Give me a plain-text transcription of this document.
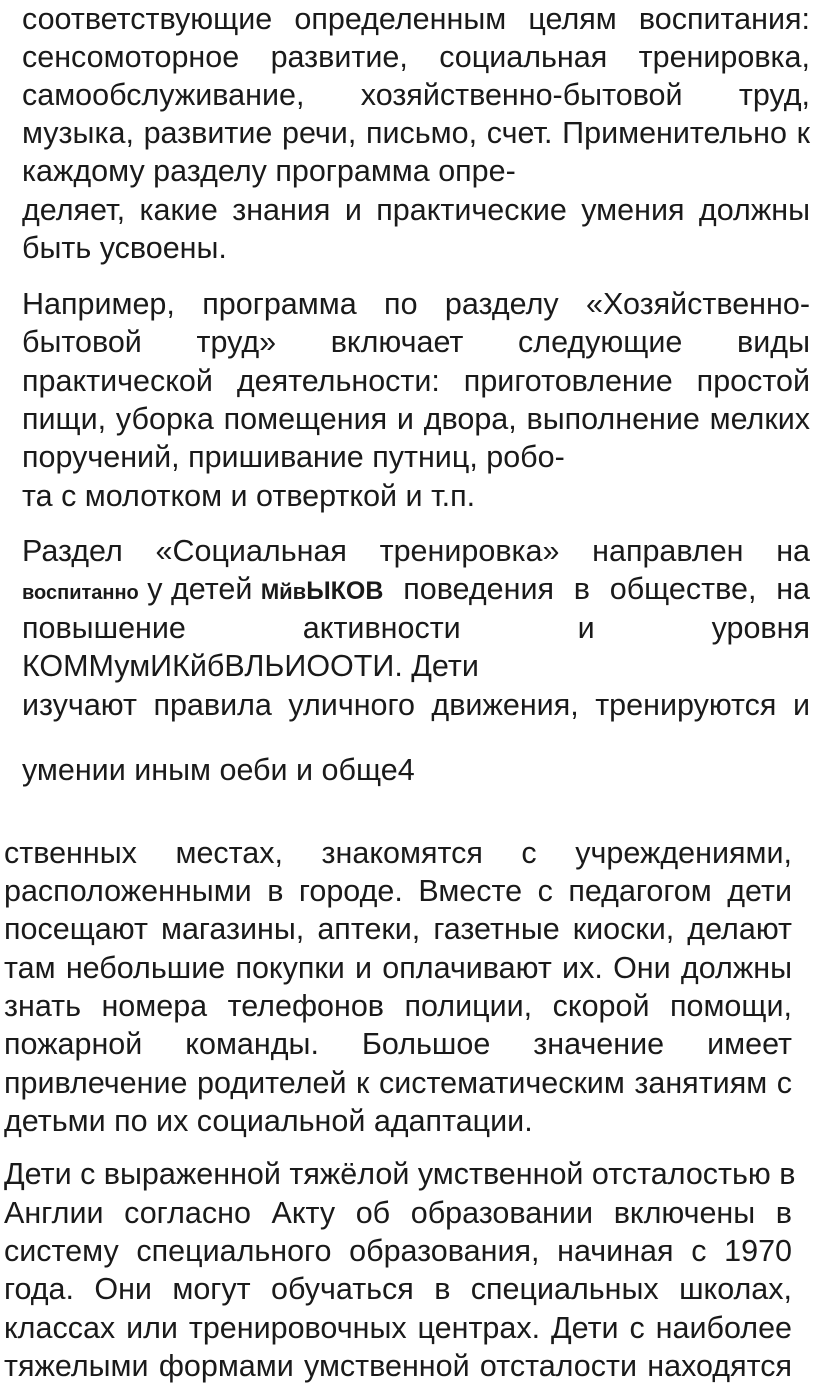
соответствующие определенным целям воспитания:
сенсомоторное развитие, социальная тренировка,
самообслуживание, хозяйственно-бытовой труд,
музыка, развитие речи, письмо, счет. Применительно к
каждому разделу программа опре-
деляет, какие знания и практические умения должны
быть усвоены.
Например, программа по разделу «Хозяйственно-
бытовой труд» включает следующие виды
практической деятельности: приготовление простой
пищи, уборка помещения и двора, выполнение мелких
поручений, пришивание путниц, робо-
та с молотком и отверткой и т.п.
Раздел «Социальная тренировка» направлен на
воспитанно у детей Мйв ЫКОВ поведения в обществе, на
повышение активности и уровня
КОММумИКйбВЛЬИООТИ. Дети
изучают правила уличного движения, тренируются и
умении иным оеби и обще4
ственных местах, знакомятся с учреждениями,
расположенными в городе. Вместе с педагогом дети
посещают магазины, аптеки, газетные киоски, делают
там небольшие покупки и оплачивают их. Они должны
знать номера телефонов полиции, скорой помощи,
пожарной команды. Большое значение имеет
привлечение родителей к систематическим занятиям с
детьми по их социальной адаптации.
Дети с выраженной тяжёлой умственной отсталостью в
Англии согласно Акту об образовании включены в
систему специального образования, начиная с 1970
года. Они могут обучаться в специальных школах,
классах или тренировочных центрах. Дети с наиболее
тяжелыми формами умственной отсталости находятся
